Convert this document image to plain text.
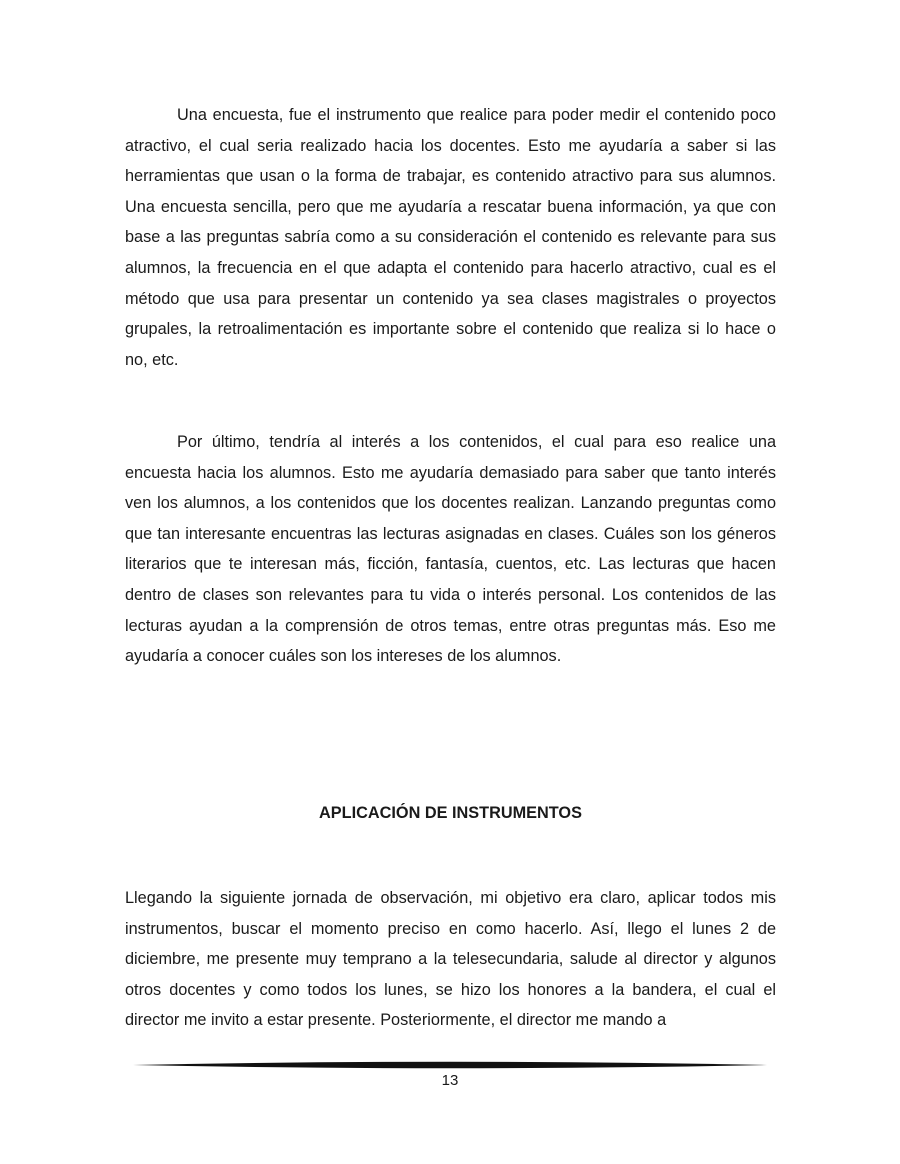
Una encuesta, fue el instrumento que realice para poder medir el contenido poco atractivo, el cual seria realizado hacia los docentes. Esto me ayudaría a saber si las herramientas que usan o la forma de trabajar, es contenido atractivo para sus alumnos. Una encuesta sencilla, pero que me ayudaría a rescatar buena información, ya que con base a las preguntas sabría como a su consideración el contenido es relevante para sus alumnos, la frecuencia en el que adapta el contenido para hacerlo atractivo, cual es el método que usa para presentar un contenido ya sea clases magistrales o proyectos grupales, la retroalimentación es importante sobre el contenido que realiza si lo hace o no, etc.

Por último, tendría al interés a los contenidos, el cual para eso realice una encuesta hacia los alumnos. Esto me ayudaría demasiado para saber que tanto interés ven los alumnos, a los contenidos que los docentes realizan. Lanzando preguntas como que tan interesante encuentras las lecturas asignadas en clases. Cuáles son los géneros literarios que te interesan más, ficción, fantasía, cuentos, etc. Las lecturas que hacen dentro de clases son relevantes para tu vida o interés personal. Los contenidos de las lecturas ayudan a la comprensión de otros temas, entre otras preguntas más. Eso me ayudaría a conocer cuáles son los intereses de los alumnos.

APLICACIÓN DE INSTRUMENTOS

Llegando la siguiente jornada de observación, mi objetivo era claro, aplicar todos mis instrumentos, buscar el momento preciso en como hacerlo. Así, llego el lunes 2 de diciembre, me presente muy temprano a la telesecundaria, salude al director y algunos otros docentes y como todos los lunes, se hizo los honores a la bandera, el cual el director me invito a estar presente. Posteriormente, el director me mando a

13
